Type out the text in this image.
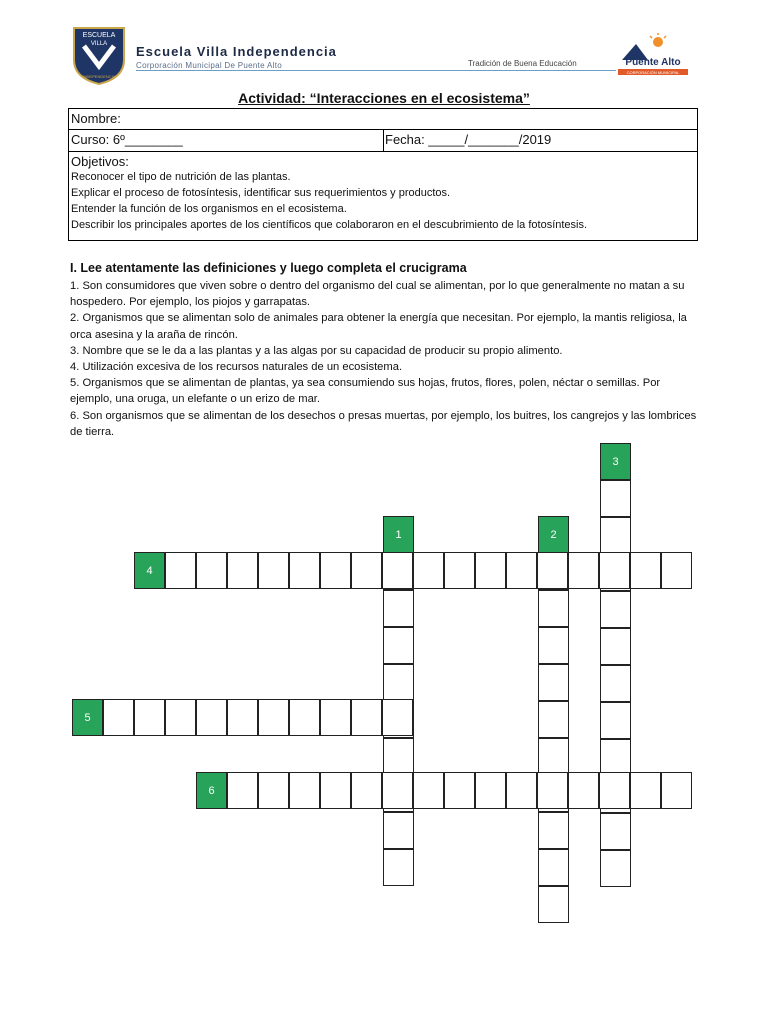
ESCUELA
VILLA
INDEPENDENCIA
Escuela Villa Independencia
Corporación Municipal De Puente Alto	Tradición de Buena Educación	Puente Alto
CORPORACIÓN MUNICIPAL
Actividad: “Interacciones en el ecosistema”
Nombre:
Curso: 6º________	Fecha: _____/_______/2019
Objetivos:
Reconocer el tipo de nutrición de las plantas.
Explicar el proceso de fotosíntesis, identificar sus requerimientos y productos.
Entender la función de los organismos en el ecosistema.
Describir los principales aportes de los científicos que colaboraron en el descubrimiento de la fotosíntesis.
I. Lee atentamente las definiciones y luego completa el crucigrama

1. Son consumidores que viven sobre o dentro del organismo del cual se alimentan, por lo que generalmente no matan a su hospedero. Por ejemplo, los piojos y garrapatas.

2. Organismos que se alimentan solo de animales para obtener la energía que necesitan. Por ejemplo, la mantis religiosa, la orca asesina y la araña de rincón.

3. Nombre que se le da a las plantas y a las algas por su capacidad de producir su propio alimento.

4. Utilización excesiva de los recursos naturales de un ecosistema.

5. Organismos que se alimentan de plantas, ya sea consumiendo sus hojas, frutos, flores, polen, néctar o semillas. Por ejemplo, una oruga, un elefante o un erizo de mar.

6. Son organismos que se alimentan de los desechos o presas muertas, por ejemplo, los buitres, los cangrejos y las lombrices de tierra.

1	2
3
4
5
6
